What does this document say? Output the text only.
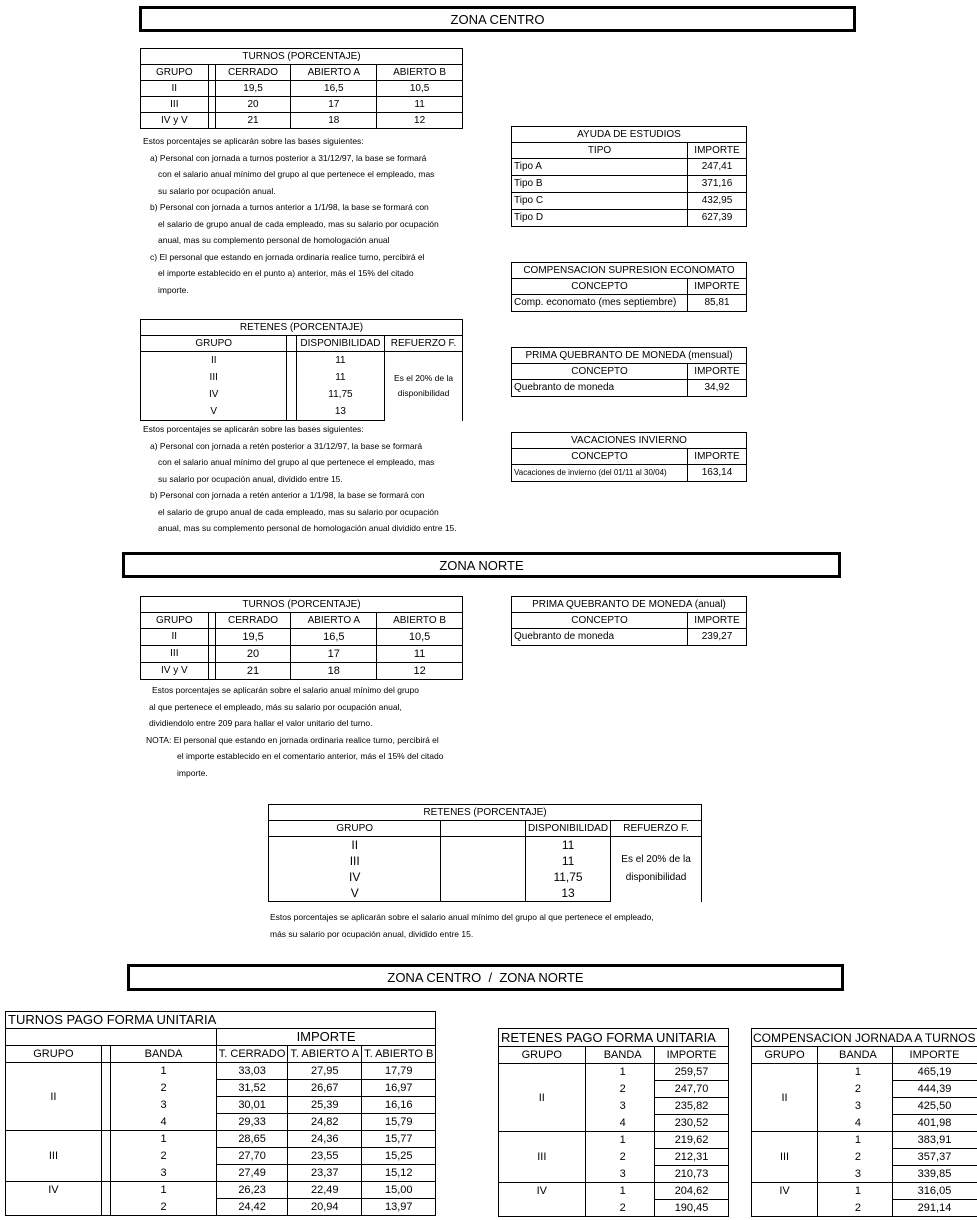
ZONA CENTRO
TURNOS (PORCENTAJE)				
GRUPO		CERRADO	ABIERTO A	ABIERTO B
II		19,5	16,5	10,5
III		20	17	11
IV y V		21	18	12
Estos porcentajes se aplicarán sobre las bases siguientes:
a) Personal con jornada a turnos posterior a 31/12/97, la base se formará
con el salario anual mínimo del grupo al que pertenece el empleado, mas
su salario por ocupación anual.
b) Personal con jornada a turnos anterior a 1/1/98, la base se formará con
el salario de grupo anual de cada empleado, mas su salario por ocupación
anual, mas su complemento personal de homologación anual
c) El personal que estando en jornada ordinaria realice turno, percibirá el
el importe establecido en el punto a) anterior, más el 15% del citado
importe.
RETENES (PORCENTAJE)			
GRUPO		DISPONIBILIDAD	REFUERZO F.
II		11	Es el 20% de la
disponibilidad
III		11	
IV		11,75	
V		13	
Estos porcentajes se aplicarán sobre las bases siguientes:
a) Personal con jornada a retén posterior a 31/12/97, la base se formará
con el salario anual mínimo del grupo al que pertenece el empleado, mas
su salario por ocupación anual, dividido entre 15.
b) Personal con jornada a retén anterior a 1/1/98, la base se formará con
el salario de grupo anual de cada empleado, mas su salario por ocupación
anual, mas su complemento personal de homologación anual dividido entre 15.
AYUDA DE ESTUDIOS	
TIPO	IMPORTE
Tipo A	247,41
Tipo B	371,16
Tipo C	432,95
Tipo D	627,39
COMPENSACION SUPRESION ECONOMATO	
CONCEPTO	IMPORTE
Comp. economato (mes septiembre)	85,81
PRIMA QUEBRANTO DE MONEDA (mensual)	
CONCEPTO	IMPORTE
Quebranto de moneda	34,92
VACACIONES INVIERNO	
CONCEPTO	IMPORTE
Vacaciones de invierno (del 01/11 al 30/04)	163,14
ZONA NORTE
TURNOS (PORCENTAJE)				
GRUPO		CERRADO	ABIERTO A	ABIERTO B
II		19,5	16,5	10,5
III		20	17	11
IV y V		21	18	12
Estos porcentajes se aplicarán sobre el salario anual mínimo del grupo
al que pertenece el empleado, más su salario por ocupación anual,
dividiendolo entre 209 para hallar el valor unitario del turno.
NOTA: El personal que estando en jornada ordinaria realice turno, percibirá el
el importe establecido en el comentario anterior, más el 15% del citado
importe.
PRIMA QUEBRANTO DE MONEDA (anual)	
CONCEPTO	IMPORTE
Quebranto de moneda	239,27
RETENES (PORCENTAJE)			
GRUPO		DISPONIBILIDAD	REFUERZO F.
II		11	Es el 20% de la
disponibilidad
III		11	
IV		11,75	
V		13	
Estos porcentajes se aplicarán sobre el salario anual mínimo del grupo al que pertenece el empleado,
más su salario por ocupación anual, dividido entre 15.
ZONA CENTRO  /  ZONA NORTE
TURNOS PAGO FORMA UNITARIA					
			IMPORTE		
GRUPO		BANDA	T. CERRADO	T. ABIERTO A	T. ABIERTO B
II		1	33,03	27,95	17,79
		2	31,52	26,67	16,97
		3	30,01	25,39	16,16
		4	29,33	24,82	15,79
III		1	28,65	24,36	15,77
		2	27,70	23,55	15,25
		3	27,49	23,37	15,12
IV		1	26,23	22,49	15,00
		2	24,42	20,94	13,97
RETENES PAGO FORMA UNITARIA			
GRUPO		BANDA	IMPORTE
II		1	259,57
		2	247,70
		3	235,82
		4	230,52
III		1	219,62
		2	212,31
		3	210,73
IV		1	204,62
		2	190,45
COMPENSACION JORNADA A TURNOS			
GRUPO		BANDA	IMPORTE
II		1	465,19
		2	444,39
		3	425,50
		4	401,98
III		1	383,91
		2	357,37
		3	339,85
IV		1	316,05
		2	291,14
